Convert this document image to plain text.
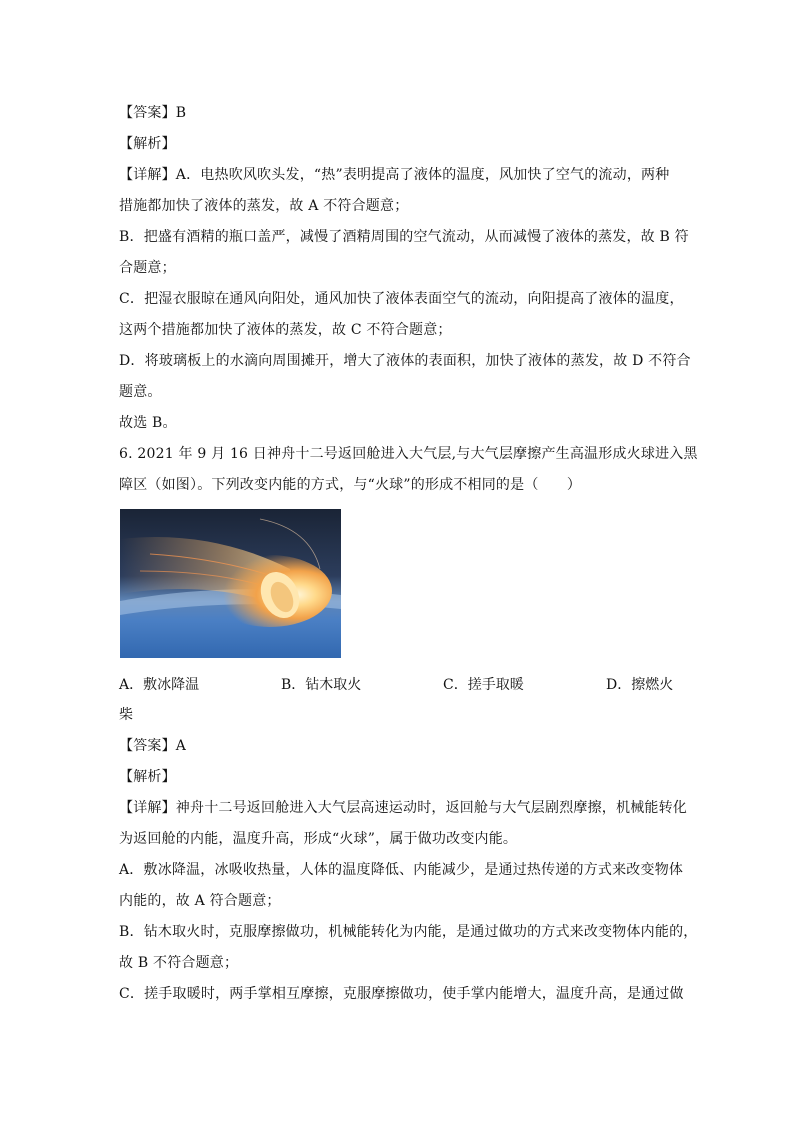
【答案】B
【解析】
【详解】A．电热吹风吹头发，“热”表明提高了液体的温度，风加快了空气的流动，两种
措施都加快了液体的蒸发，故 A 不符合题意；
B．把盛有酒精的瓶口盖严，减慢了酒精周围的空气流动，从而减慢了液体的蒸发，故 B 符
合题意；
C．把湿衣服晾在通风向阳处，通风加快了液体表面空气的流动，向阳提高了液体的温度，
这两个措施都加快了液体的蒸发，故 C 不符合题意；
D．将玻璃板上的水滴向周围摊开，增大了液体的表面积，加快了液体的蒸发，故 D 不符合
题意。
故选 B。
6. 2021 年 9 月 16 日神舟十二号返回舱进入大气层,与大气层摩擦产生高温形成火球进入黑
障区（如图）。下列改变内能的方式，与“火球”的形成不相同的是（　　）
A．敷冰降温	B．钻木取火	C．搓手取暖	D．擦燃火
柴
【答案】A
【解析】
【详解】神舟十二号返回舱进入大气层高速运动时，返回舱与大气层剧烈摩擦，机械能转化
为返回舱的内能，温度升高，形成“火球”，属于做功改变内能。
A．敷冰降温，冰吸收热量，人体的温度降低、内能减少，是通过热传递的方式来改变物体
内能的，故 A 符合题意；
B．钻木取火时，克服摩擦做功，机械能转化为内能，是通过做功的方式来改变物体内能的，
故 B 不符合题意；
C．搓手取暖时，两手掌相互摩擦，克服摩擦做功，使手掌内能增大，温度升高，是通过做
